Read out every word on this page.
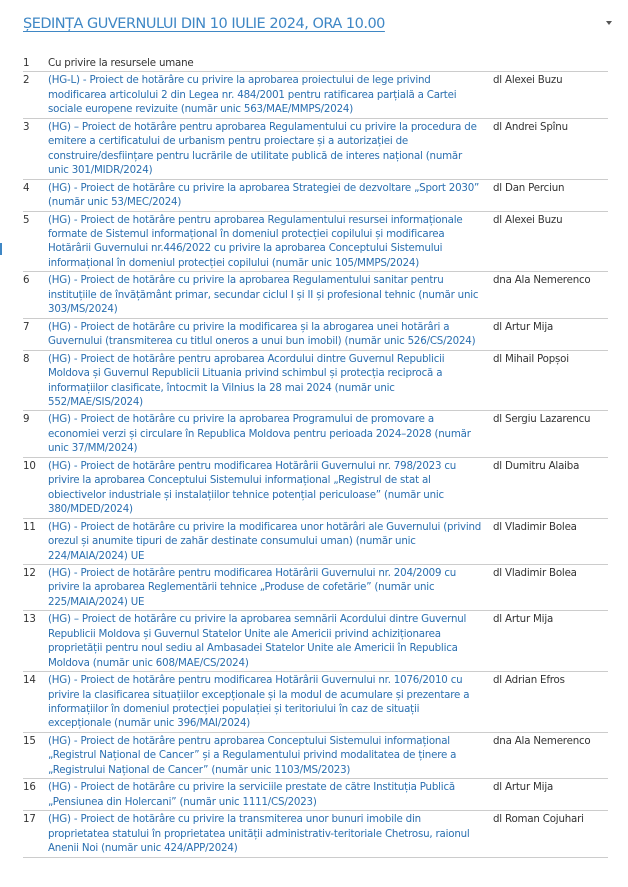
ȘEDINȚA GUVERNULUI DIN 10 IULIE 2024, ORA 10.00
1	Cu privire la resursele umane
2	(HG-L) - Proiect de hotărâre cu privire la aprobarea proiectului de lege privind modificarea articolului 2 din Legea nr. 484/2001 pentru ratificarea parțială a Cartei sociale europene revizuite (număr unic 563/MAE/MMPS/2024)
dl Alexei Buzu
3	(HG) – Proiect de hotărâre pentru aprobarea Regulamentului cu privire la procedura de emitere a certificatului de urbanism pentru proiectare și a autorizației de construire/desființare pentru lucrările de utilitate publică de interes național (număr unic 301/MIDR/2024)
dl Andrei Spînu
4	(HG) - Proiect de hotărâre cu privire la aprobarea Strategiei de dezvoltare „Sport 2030” (număr unic 53/MEC/2024)
dl Dan Perciun
5	(HG) - Proiect de hotărâre pentru aprobarea Regulamentului resursei informaționale formate de Sistemul informațional în domeniul protecției copilului și modificarea Hotărârii Guvernului nr.446/2022 cu privire la aprobarea Conceptului Sistemului informațional în domeniul protecției copilului (număr unic 105/MMPS/2024)
dl Alexei Buzu
6	(HG) - Proiect de hotărâre cu privire la aprobarea Regulamentului sanitar pentru instituțiile de învățământ primar, secundar ciclul I și II și profesional tehnic (număr unic 303/MS/2024)
dna Ala Nemerenco
7	(HG) - Proiect de hotărâre cu privire la modificarea și la abrogarea unei hotărâri a Guvernului (transmiterea cu titlul oneros a unui bun imobil) (număr unic 526/CS/2024)
dl Artur Mija
8	(HG) - Proiect de hotărâre pentru aprobarea Acordului dintre Guvernul Republicii Moldova și Guvernul Republicii Lituania privind schimbul și protecția reciprocă a informațiilor clasificate, întocmit la Vilnius la 28 mai 2024 (număr unic 552/MAE/SIS/2024)
dl Mihail Popșoi
9	(HG) - Proiect de hotărâre cu privire la aprobarea Programului de promovare a economiei verzi și circulare în Republica Moldova pentru perioada 2024–2028 (număr unic 37/MM/2024)
dl Sergiu Lazarencu
10	(HG) - Proiect de hotărâre pentru modificarea Hotărârii Guvernului nr. 798/2023 cu privire la aprobarea Conceptului Sistemului informațional „Registrul de stat al obiectivelor industriale și instalațiilor tehnice potențial periculoase” (număr unic 380/MDED/2024)
dl Dumitru Alaiba
11	(HG) - Proiect de hotărâre cu privire la modificarea unor hotărâri ale Guvernului (privind orezul și anumite tipuri de zahăr destinate consumului uman) (număr unic 224/MAIA/2024) UE
dl Vladimir Bolea
12	(HG) - Proiect de hotărâre pentru modificarea Hotărârii Guvernului nr. 204/2009 cu privire la aprobarea Reglementării tehnice „Produse de cofetărie” (număr unic 225/MAIA/2024) UE
dl Vladimir Bolea
13	(HG) – Proiect de hotărâre cu privire la aprobarea semnării Acordului dintre Guvernul Republicii Moldova și Guvernul Statelor Unite ale Americii privind achiziționarea proprietății pentru noul sediu al Ambasadei Statelor Unite ale Americii în Republica Moldova (număr unic 608/MAE/CS/2024)
dl Artur Mija
14	(HG) - Proiect de hotărâre pentru modificarea Hotărârii Guvernului nr. 1076/2010 cu privire la clasificarea situațiilor excepționale și la modul de acumulare și prezentare a informațiilor în domeniul protecției populației și teritoriului în caz de situații excepționale (număr unic 396/MAI/2024)
dl Adrian Efros
15	(HG) - Proiect de hotărâre pentru aprobarea Conceptului Sistemului informațional „Registrul Național de Cancer” și a Regulamentului privind modalitatea de ținere a „Registrului Național de Cancer” (număr unic 1103/MS/2023)
dna Ala Nemerenco
16	(HG) - Proiect de hotărâre cu privire la serviciile prestate de către Instituția Publică „Pensiunea din Holercani” (număr unic 1111/CS/2023)
dl Artur Mija
17	(HG) - Proiect de hotărâre cu privire la transmiterea unor bunuri imobile din proprietatea statului în proprietatea unității administrativ-teritoriale Chetrosu, raionul Anenii Noi (număr unic 424/APP/2024)
dl Roman Cojuhari
